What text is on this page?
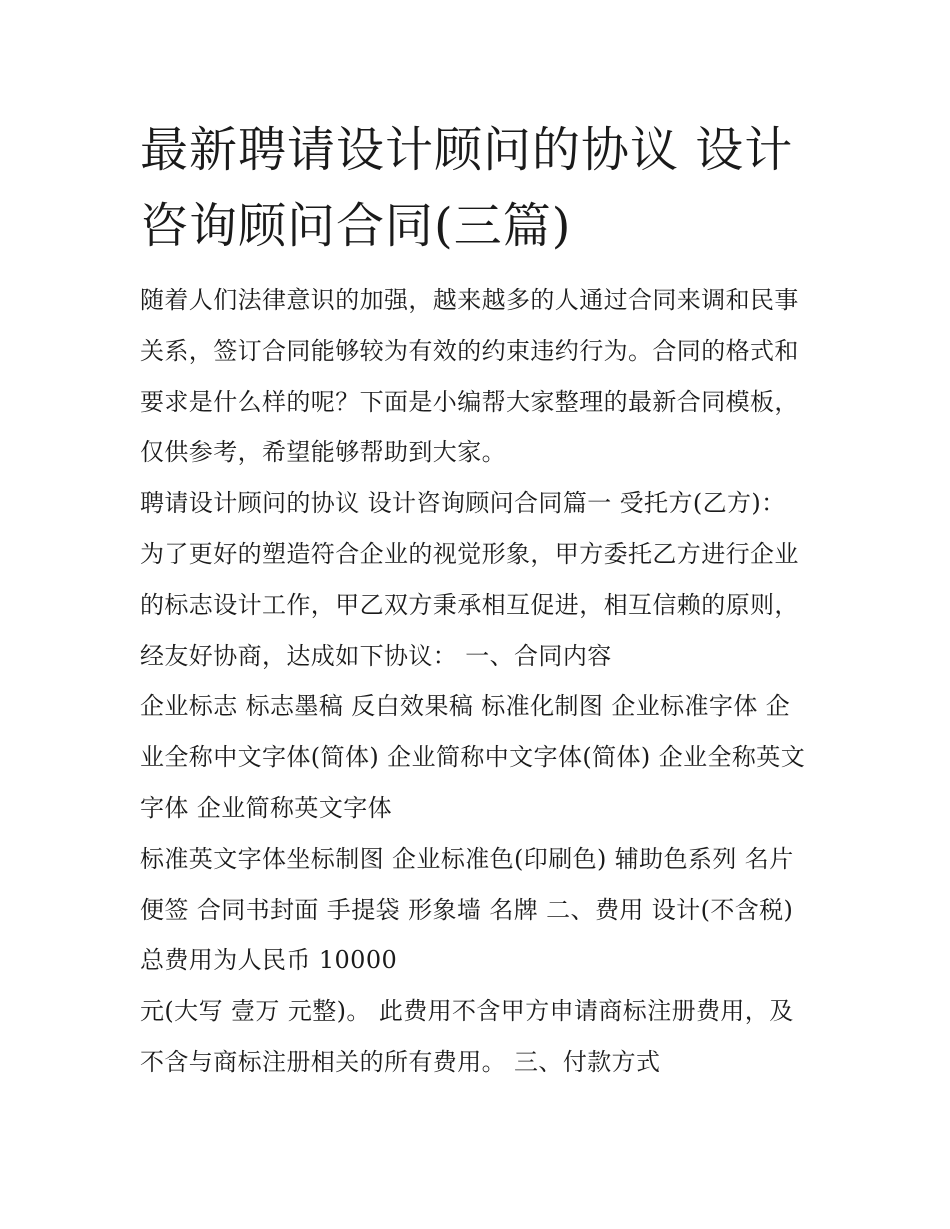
最新聘请设计顾问的协议 设计
咨询顾问合同(三篇)

随着人们法律意识的加强，越来越多的人通过合同来调和民事
关系，签订合同能够较为有效的约束违约行为。合同的格式和
要求是什么样的呢？下面是小编帮大家整理的最新合同模板，
仅供参考，希望能够帮助到大家。

聘请设计顾问的协议 设计咨询顾问合同篇一 受托方(乙方)：
为了更好的塑造符合企业的视觉形象，甲方委托乙方进行企业
的标志设计工作，甲乙双方秉承相互促进，相互信赖的原则，
经友好协商，达成如下协议： 一、合同内容

企业标志 标志墨稿 反白效果稿 标准化制图 企业标准字体 企
业全称中文字体(简体) 企业简称中文字体(简体) 企业全称英文
字体 企业简称英文字体

标准英文字体坐标制图 企业标准色(印刷色) 辅助色系列 名片
便签 合同书封面 手提袋 形象墙 名牌 二、费用 设计(不含税)
总费用为人民币 10000

元(大写 壹万 元整)。 此费用不含甲方申请商标注册费用，及
不含与商标注册相关的所有费用。 三、付款方式
